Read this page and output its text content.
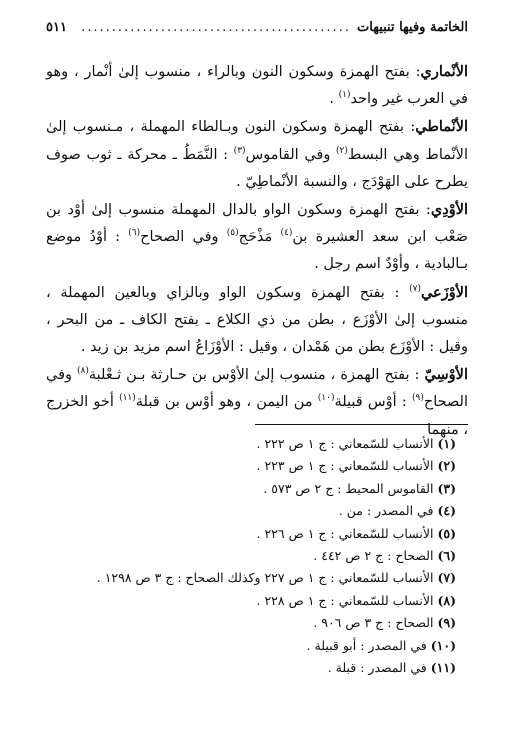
الخاتمة وفيها تنبيهات
............................................
٥١١

الأنْماري: بفتح الهمزة وسكون النون وبالراء ، منسوب إلىٰ أنْمار ، وهو في العرب غير واحد$^{(١)}$ .

الأنْماطي: بفتح الهمزة وسكون النون وبـالطاء المهملة ، مـنسوب إلىٰ الأنْماط وهي البسط$^{(٢)}$ وفي القاموس$^{(٣)}$ : النَّمَطُ ـ محركة ـ ثوب صوف يطرح على الهَوْدَج ، والنسبة الأنْماطِيّ .

الأوْدِي: بفتح الهمزة وسكون الواو بالدال المهملة منسوب إلىٰ أوْد بن صَعْب ابن سعد العشيرة بن$^{(٤)}$ مَذْحَج$^{(٥)}$ وفي الصحاح$^{(٦)}$ : أوْدُ موضع بـالبادية ، وأوْدٌ اسم رجل .

الأوْزَعي$^{(٧)}$ : بفتح الهمزة وسكون الواو وبالزاي وبالعين المهملة ، منسوب إلىٰ الأوْزَع ، بطن من ذي الكلاع ـ بفتح الكاف ـ من البحر ، وقيل : الأوْزَع بطن من هَمْدان ، وقيل : الأوْزَاعُ اسم مزيد بن زيد .

الأوْسِيّ : بفتح الهمزة ، منسوب إلىٰ الأوْس بن حـارثة بـن ثـعْلبة$^{(٨)}$ وفي الصحاح$^{(٩)}$ : أوْس قبيلة$^{(١٠)}$ من اليمن ، وهو أوْس بن قبلة$^{(١١)}$ أخو الخزرج ، منهما

(١) الأنساب للسّمعاني : ج ١ ص ٢٢٢ .
(٢) الأنساب للسّمعاني : ج ١ ص ٢٢٣ .
(٣) القاموس المحيط : ج ٢ ص ٥٧٣ .
(٤) في المصدر : من .
(٥) الأنساب للسّمعاني : ج ١ ص ٢٢٦ .
(٦) الصحاح : ج ٢ ص ٤٤٢ .
(٧) الأنساب للسّمعاني : ج ١ ص ٢٢٧ وكذلك الصحاح : ج ٣ ص ١٢٩٨ .
(٨) الأنساب للسّمعاني : ج ١ ص ٢٢٨ .
(٩) الصحاح : ج ٣ ص ٩٠٦ .
(١٠) في المصدر : أبو قبيلة .
(١١) في المصدر : قبلة .
